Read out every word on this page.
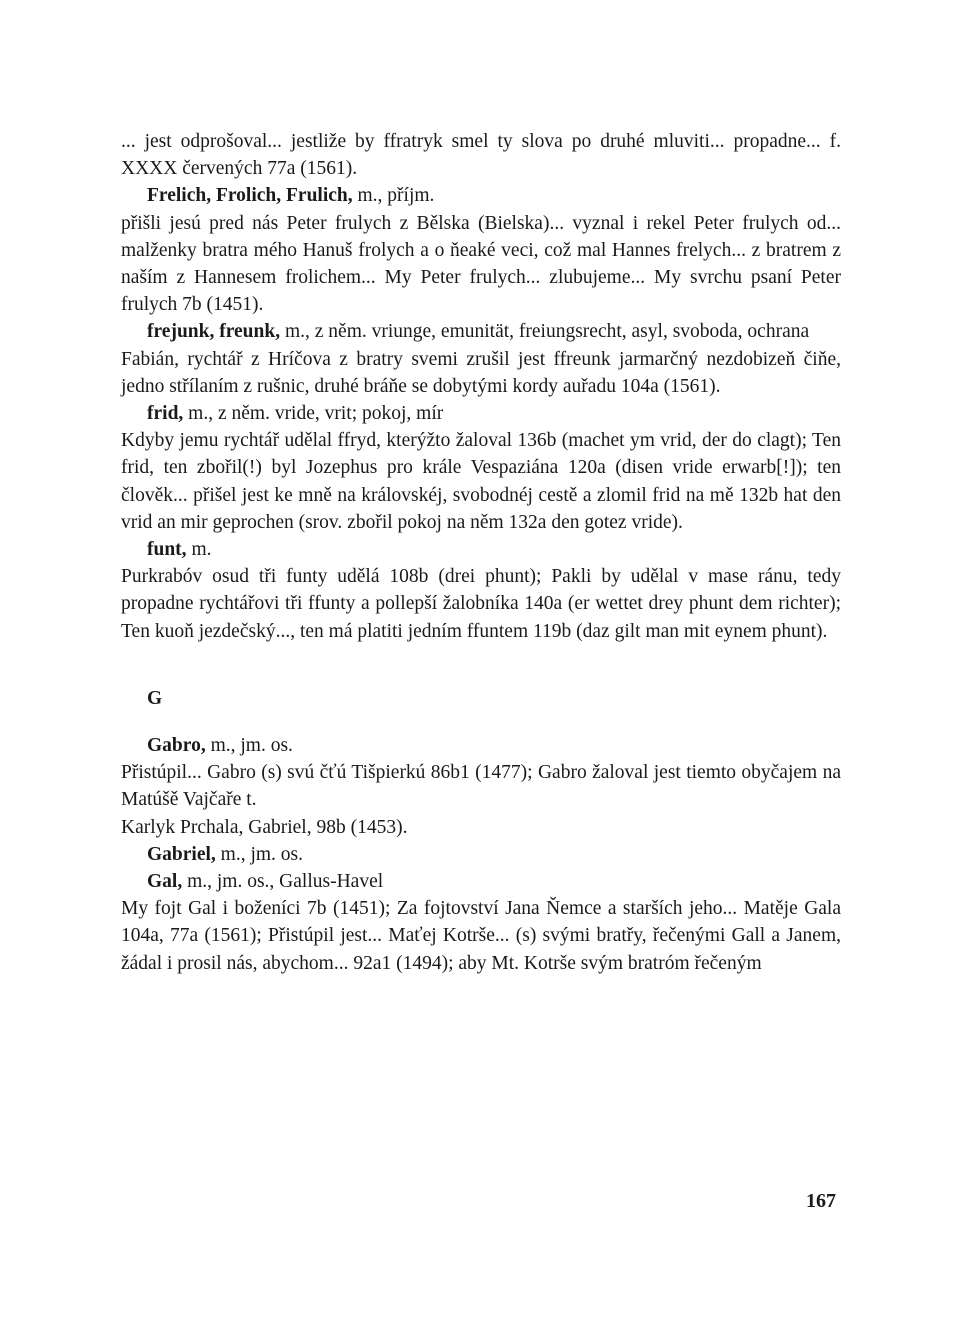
... jest odprošoval... jestliže by ffratryk smel ty slova po druhé mluviti... propadne... f. XXXX červených 77a (1561).

Frelich, Frolich, Frulich, m., příjm.

přišli jesú pred nás Peter frulych z Bělska (Bielska)... vyznal i rekel Peter frulych od... malženky bratra mého Hanuš frolych a o ňeaké veci, což mal Hannes frelych... z bratrem z naším z Hannesem frolichem... My Peter frulych... zlubujeme... My svrchu psaní Peter frulych 7b (1451).

frejunk, freunk, m., z něm. vriunge, emunität, freiungsrecht, asyl, svoboda, ochrana

Fabián, rychtář z Hríčova z bratry svemi zrušil jest ffreunk jarmarčný nezdobizeň čiňe, jedno střílaním z rušnic, druhé bráňe se dobytými kordy auřadu 104a (1561).

frid, m., z něm. vride, vrit; pokoj, mír

Kdyby jemu rychtář udělal ffryd, kterýžto žaloval 136b (machet ym vrid, der do clagt); Ten frid, ten zbořil(!) byl Jozephus pro krále Vespaziána 120a (disen vride erwarb[!]); ten člověk... přišel jest ke mně na královskéj, svobodnéj cestě a zlomil frid na mě 132b hat den vrid an mir geprochen (srov. zbořil pokoj na něm 132a den gotez vride).

funt, m.

Purkrabóv osud tři funty udělá 108b (drei phunt); Pakli by udělal v mase ránu, tedy propadne rychtářovi tři ffunty a pollepší žalobníka 140a (er wettet drey phunt dem richter); Ten kuoň jezdečský..., ten má platiti jedním ffuntem 119b (daz gilt man mit eynem phunt).

G

Gabro, m., jm. os.

Přistúpil... Gabro (s) svú čťú Tišpierkú 86b1 (1477); Gabro žaloval jest tiemto obyčajem na Matúšě Vajčaře t.

Karlyk Prchala, Gabriel, 98b (1453).

Gabriel, m., jm. os.

Gal, m., jm. os., Gallus-Havel

My fojt Gal i boženíci 7b (1451); Za fojtovství Jana Ňemce a starších jeho... Matěje Gala 104a, 77a (1561); Přistúpil jest... Maťej Kotrše... (s) svými bratřy, řečenými Gall a Janem, žádal i prosil nás, abychom... 92a1 (1494); aby Mt. Kotrše svým bratróm řečeným

167
